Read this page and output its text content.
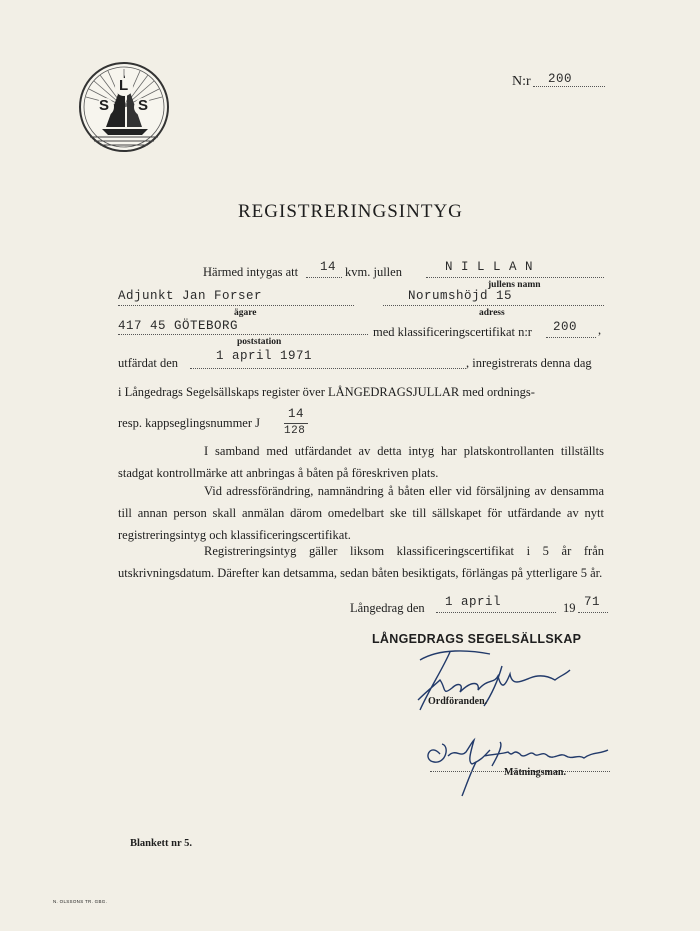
L
S S
N:r 200
REGISTRERINGSINTYG
Härmed intygas att 14 kvm. jullen	N I L L A N
jullens namn
Adjunkt Jan Forser
ägare
Norumshöjd 15
adress
417 45 GÖTEBORG
poststation
med klassificeringscertifikat n:r 200 ,
utfärdat den	1 april 1971	, inregistrerats denna dag
i Långedrags Segelsällskaps register över LÅNGEDRAGSJULLAR med ordnings-
resp. kappseglingsnummer J
14
128
I samband med utfärdandet av detta intyg har platskontrollanten tillställts stadgat kontrollmärke att anbringas å båten på föreskriven plats.
Vid adressförändring, namnändring å båten eller vid försäljning av densamma till annan person skall anmälan därom omedelbart ske till sällskapet för utfärdande av nytt registreringsintyg och klassificeringscertifikat.
Registreringsintyg gäller liksom klassificeringscertifikat i 5 år från utskrivningsdatum. Därefter kan detsamma, sedan båten besiktigats, förlängas på ytterligare 5 år.
Långedrag den 1 april	19 71
LÅNGEDRAGS SEGELSÄLLSKAP
Ordföranden.
Mätningsman.
Blankett nr 5.
N. OLSSONS TR. GBG.
